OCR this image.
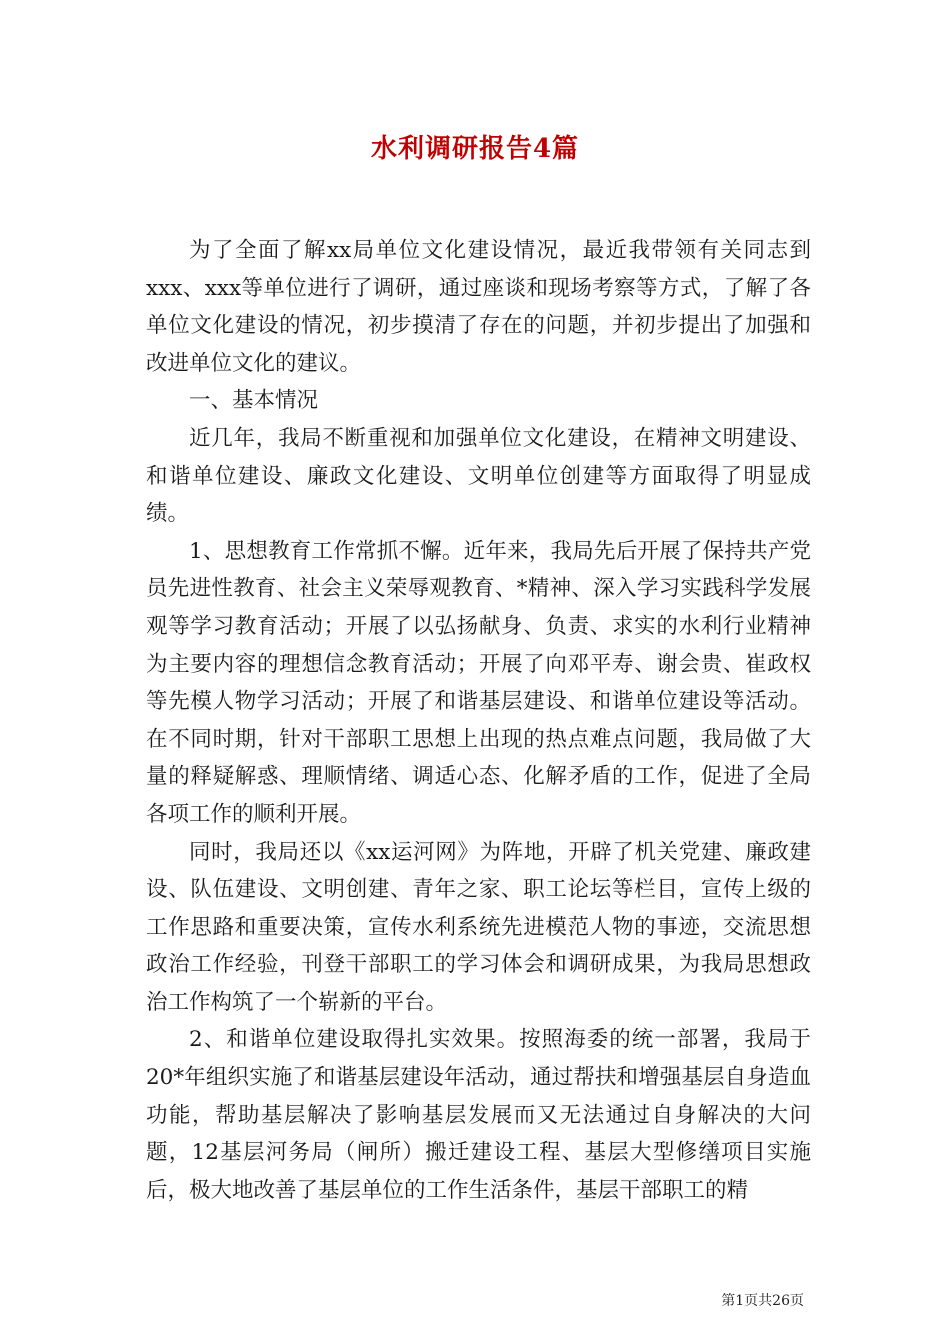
水利调研报告4篇

为了全面了解xx局单位文化建设情况，最近我带领有关同志到xxx、xxx等单位进行了调研，通过座谈和现场考察等方式，了解了各单位文化建设的情况，初步摸清了存在的问题，并初步提出了加强和改进单位文化的建议。

一、基本情况

近几年，我局不断重视和加强单位文化建设，在精神文明建设、和谐单位建设、廉政文化建设、文明单位创建等方面取得了明显成绩。

1、思想教育工作常抓不懈。近年来，我局先后开展了保持共产党员先进性教育、社会主义荣辱观教育、*精神、深入学习实践科学发展观等学习教育活动；开展了以弘扬献身、负责、求实的水利行业精神为主要内容的理想信念教育活动；开展了向邓平寿、谢会贵、崔政权等先模人物学习活动；开展了和谐基层建设、和谐单位建设等活动。在不同时期，针对干部职工思想上出现的热点难点问题，我局做了大量的释疑解惑、理顺情绪、调适心态、化解矛盾的工作，促进了全局各项工作的顺利开展。

同时，我局还以《xx运河网》为阵地，开辟了机关党建、廉政建设、队伍建设、文明创建、青年之家、职工论坛等栏目，宣传上级的工作思路和重要决策，宣传水利系统先进模范人物的事迹，交流思想政治工作经验，刊登干部职工的学习体会和调研成果，为我局思想政治工作构筑了一个崭新的平台。

2、和谐单位建设取得扎实效果。按照海委的统一部署，我局于20*年组织实施了和谐基层建设年活动，通过帮扶和增强基层自身造血功能，帮助基层解决了影响基层发展而又无法通过自身解决的大问题，12基层河务局（闸所）搬迁建设工程、基层大型修缮项目实施后，极大地改善了基层单位的工作生活条件，基层干部职工的精

第1页共26页
